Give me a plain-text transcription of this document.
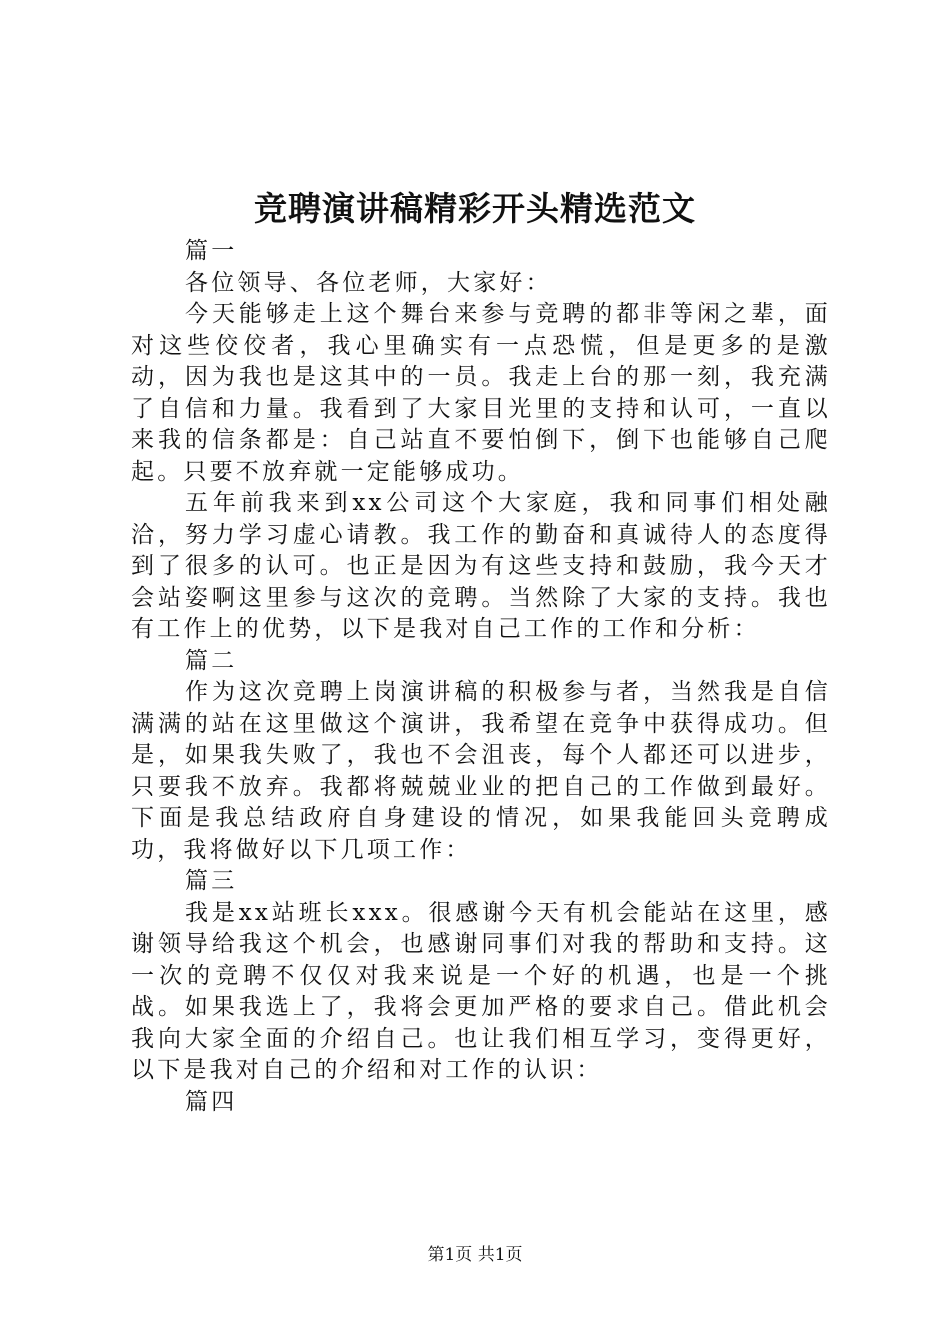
竞聘演讲稿精彩开头精选范文

篇一

各位领导、各位老师，大家好：

今天能够走上这个舞台来参与竞聘的都非等闲之辈，面对这些佼佼者，我心里确实有一点恐慌，但是更多的是激动，因为我也是这其中的一员。我走上台的那一刻，我充满了自信和力量。我看到了大家目光里的支持和认可，一直以来我的信条都是：自己站直不要怕倒下，倒下也能够自己爬起。只要不放弃就一定能够成功。

五年前我来到xx公司这个大家庭，我和同事们相处融洽，努力学习虚心请教。我工作的勤奋和真诚待人的态度得到了很多的认可。也正是因为有这些支持和鼓励，我今天才会站姿啊这里参与这次的竞聘。当然除了大家的支持。我也有工作上的优势，以下是我对自己工作的工作和分析：

篇二

作为这次竞聘上岗演讲稿的积极参与者，当然我是自信满满的站在这里做这个演讲，我希望在竞争中获得成功。但是，如果我失败了，我也不会沮丧，每个人都还可以进步，只要我不放弃。我都将兢兢业业的把自己的工作做到最好。下面是我总结政府自身建设的情况，如果我能回头竞聘成功，我将做好以下几项工作：

篇三

我是xx站班长xxx。很感谢今天有机会能站在这里，感谢领导给我这个机会，也感谢同事们对我的帮助和支持。这一次的竞聘不仅仅对我来说是一个好的机遇，也是一个挑战。如果我选上了，我将会更加严格的要求自己。借此机会我向大家全面的介绍自己。也让我们相互学习，变得更好，以下是我对自己的介绍和对工作的认识：

篇四

第1页 共1页
